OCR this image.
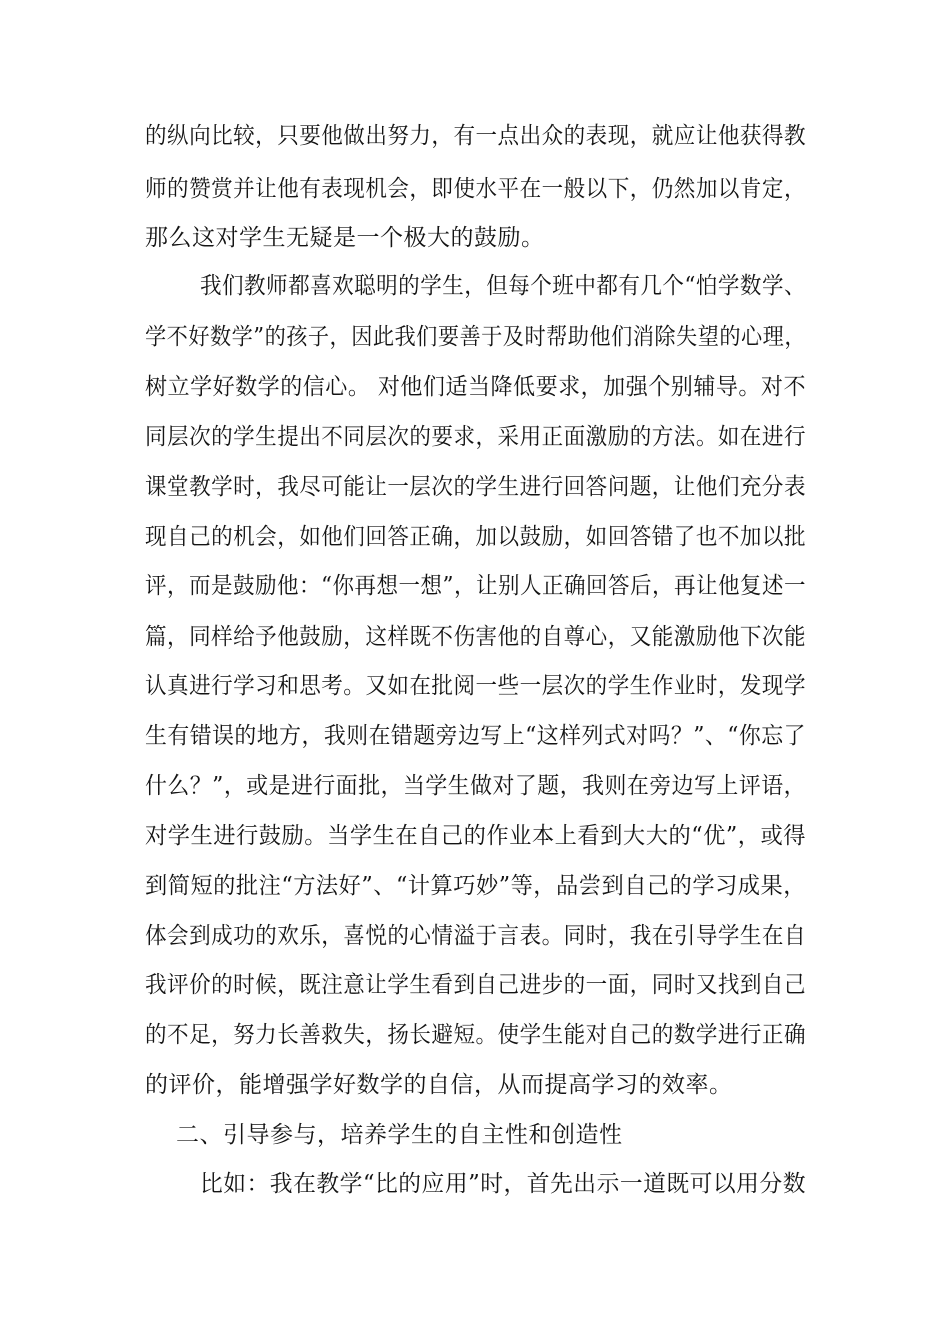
的纵向比较，只要他做出努力，有一点出众的表现，就应让他获得教
师的赞赏并让他有表现机会，即使水平在一般以下，仍然加以肯定，
那么这对学生无疑是一个极大的鼓励。
我们教师都喜欢聪明的学生，但每个班中都有几个“怕学数学、
学不好数学”的孩子，因此我们要善于及时帮助他们消除失望的心理，
树立学好数学的信心。 对他们适当降低要求，加强个别辅导。对不
同层次的学生提出不同层次的要求，采用正面激励的方法。如在进行
课堂教学时，我尽可能让一层次的学生进行回答问题，让他们充分表
现自己的机会，如他们回答正确，加以鼓励，如回答错了也不加以批
评，而是鼓励他：“你再想一想”，让别人正确回答后，再让他复述一
篇，同样给予他鼓励，这样既不伤害他的自尊心，又能激励他下次能
认真进行学习和思考。又如在批阅一些一层次的学生作业时，发现学
生有错误的地方，我则在错题旁边写上“这样列式对吗？”、“你忘了
什么？”，或是进行面批，当学生做对了题，我则在旁边写上评语，
对学生进行鼓励。当学生在自己的作业本上看到大大的“优”，或得
到简短的批注“方法好”、“计算巧妙”等，品尝到自己的学习成果，
体会到成功的欢乐，喜悦的心情溢于言表。同时，我在引导学生在自
我评价的时候，既注意让学生看到自己进步的一面，同时又找到自己
的不足，努力长善救失，扬长避短。使学生能对自己的数学进行正确
的评价，能增强学好数学的自信，从而提高学习的效率。
二、引导参与，培养学生的自主性和创造性
比如：我在教学“比的应用”时，首先出示一道既可以用分数
